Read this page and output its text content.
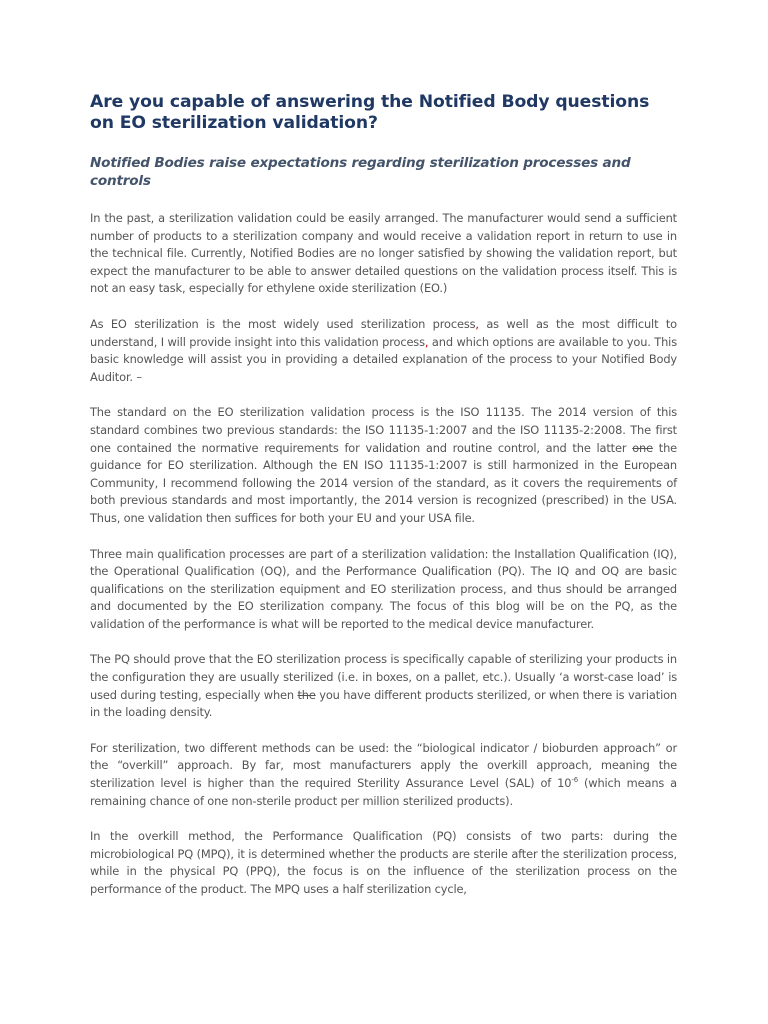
Are you capable of answering the Notified Body questions on EO sterilization validation?
Notified Bodies raise expectations regarding sterilization processes and controls

In the past, a sterilization validation could be easily arranged. The manufacturer would send a sufficient number of products to a sterilization company and would receive a validation report in return to use in the technical file. Currently, Notified Bodies are no longer satisfied by showing the validation report, but expect the manufacturer to be able to answer detailed questions on the validation process itself. This is not an easy task, especially for ethylene oxide sterilization (EO.)

As EO sterilization is the most widely used sterilization process, as well as the most difficult to understand, I will provide insight into this validation process, and which options are available to you. This basic knowledge will assist you in providing a detailed explanation of the process to your Notified Body Auditor. –

The standard on the EO sterilization validation process is the ISO 11135. The 2014 version of this standard combines two previous standards: the ISO 11135-1:2007 and the ISO 11135-2:2008. The first one contained the normative requirements for validation and routine control, and the latter one the guidance for EO sterilization. Although the EN ISO 11135-1:2007 is still harmonized in the European Community, I recommend following the 2014 version of the standard, as it covers the requirements of both previous standards and most importantly, the 2014 version is recognized (prescribed) in the USA. Thus, one validation then suffices for both your EU and your USA file.

Three main qualification processes are part of a sterilization validation: the Installation Qualification (IQ), the Operational Qualification (OQ), and the Performance Qualification (PQ). The IQ and OQ are basic qualifications on the sterilization equipment and EO sterilization process, and thus should be arranged and documented by the EO sterilization company. The focus of this blog will be on the PQ, as the validation of the performance is what will be reported to the medical device manufacturer.

The PQ should prove that the EO sterilization process is specifically capable of sterilizing your products in the configuration they are usually sterilized (i.e. in boxes, on a pallet, etc.). Usually ‘a worst-case load’ is used during testing, especially when the you have different products sterilized, or when there is variation in the loading density.

For sterilization, two different methods can be used: the “biological indicator / bioburden approach” or the “overkill” approach. By far, most manufacturers apply the overkill approach, meaning the sterilization level is higher than the required Sterility Assurance Level (SAL) of $10^{-6}$ (which means a remaining chance of one non-sterile product per million sterilized products).

In the overkill method, the Performance Qualification (PQ) consists of two parts: during the microbiological PQ (MPQ), it is determined whether the products are sterile after the sterilization process, while in the physical PQ (PPQ), the focus is on the influence of the sterilization process on the performance of the product. The MPQ uses a half sterilization cycle,
